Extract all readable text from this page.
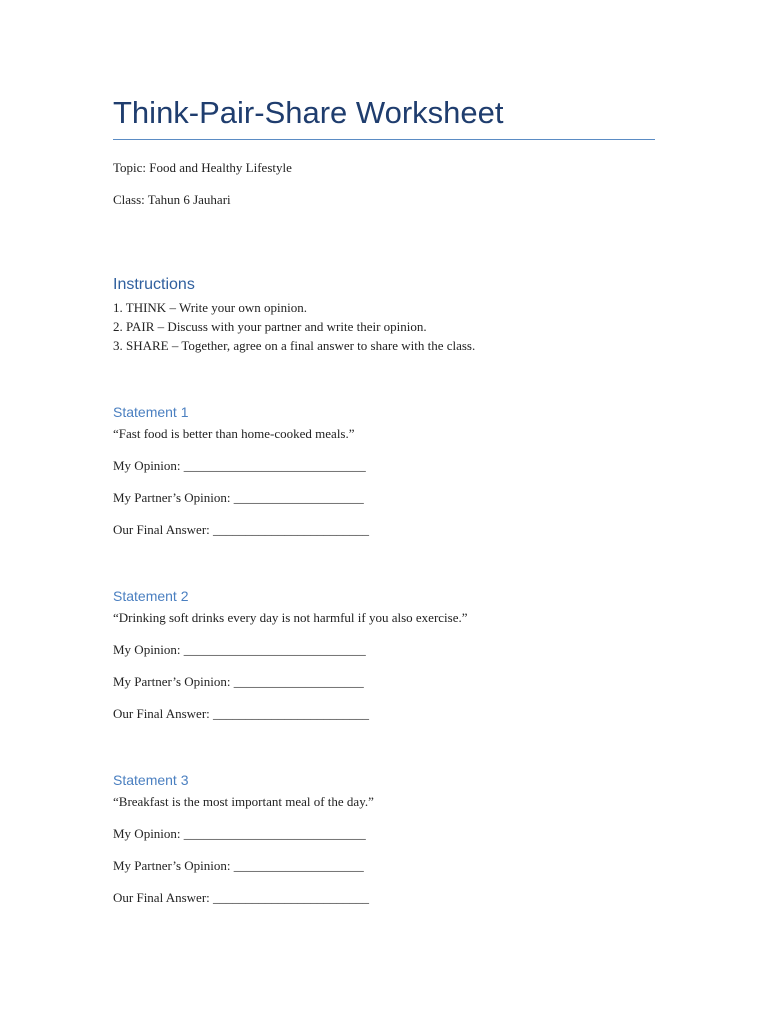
Think-Pair-Share Worksheet
Topic: Food and Healthy Lifestyle
Class: Tahun 6 Jauhari
Instructions
1. THINK – Write your own opinion.
2. PAIR – Discuss with your partner and write their opinion.
3. SHARE – Together, agree on a final answer to share with the class.
Statement 1
“Fast food is better than home-cooked meals.”
My Opinion: ____________________________
My Partner’s Opinion: ____________________
Our Final Answer: ________________________
Statement 2
“Drinking soft drinks every day is not harmful if you also exercise.”
My Opinion: ____________________________
My Partner’s Opinion: ____________________
Our Final Answer: ________________________
Statement 3
“Breakfast is the most important meal of the day.”
My Opinion: ____________________________
My Partner’s Opinion: ____________________
Our Final Answer: ________________________
